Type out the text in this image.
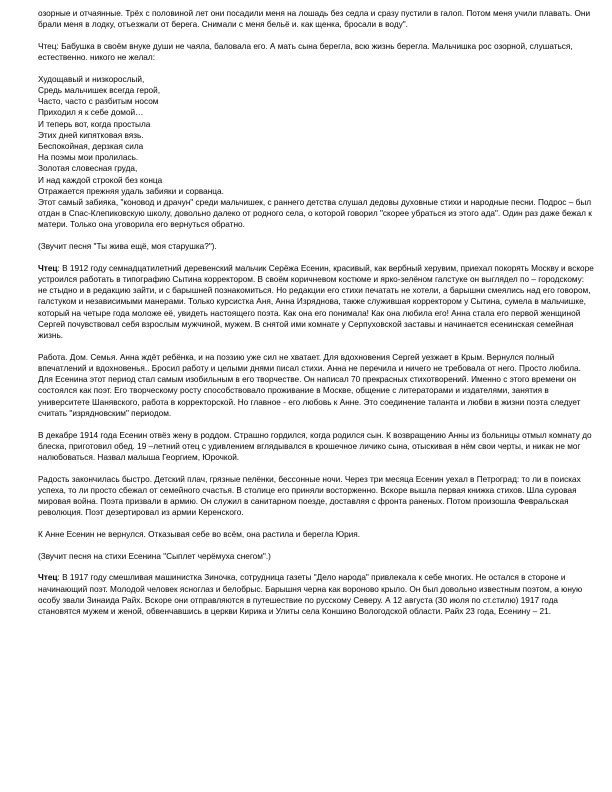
озорные и отчаянные. Трёх с половиной лет они посадили меня на лошадь без седла и сразу пустили в галоп. Потом меня учили плавать. Они брали меня в лодку, отъезжали от берега. Снимали с меня бельё и. как щенка, бросали в воду".

Чтец: Бабушка в своём внуке души не чаяла, баловала его. А мать сына берегла, всю жизнь берегла. Мальчишка рос озорной, слушаться, естественно. никого не желал:

Худощавый и низкорослый,
Средь мальчишек всегда герой,
Часто, часто с разбитым носом
Приходил я к себе домой…
И теперь вот, когда простыла
Этих дней кипятковая вязь.
Беспокойная, дерзкая сила
На поэмы мои пролилась.
Золотая словесная груда,
И над каждой строкой без конца
Отражается прежняя удаль забияки и сорванца.

Этот самый забияка, "коновод и драчун" среди мальчишек, с раннего детства слушал дедовы духовные стихи и народные песни. Подрос – был отдан в Спас-Клепиковскую школу, довольно далеко от родного села, о которой говорил "скорее убраться из этого ада". Один раз даже бежал к матери. Только она уговорила его вернуться обратно.

(Звучит песня "Ты жива ещё, моя старушка?").

Чтец: В 1912 году семнадцатилетний деревенский мальчик Серёжа Есенин, красивый, как вербный херувим, приехал покорять Москву и вскоре устроился работать в типографию Сытина корректором. В своём коричневом костюме и ярко-зелёном галстуке он выглядел по – городскому: не стыдно и в редакцию зайти, и с барышней познакомиться. Но редакции его стихи печатать не хотели, а барышни смеялись над его говором, галстуком и независимыми манерами. Только курсистка Аня, Анна Изряднова, также служившая корректором у Сытина, сумела в мальчишке, который на четыре года моложе её, увидеть настоящего поэта. Как она его понимала! Как она любила его! Анна стала его первой женщиной Сергей почувствовал себя взрослым мужчиной, мужем. В снятой ими комнате у Серпуховской заставы и начинается есенинская семейная жизнь.

Работа. Дом. Семья. Анна ждёт ребёнка, и на поэзию уже сил не хватает. Для вдохновения Сергей уезжает в Крым. Вернулся полный впечатлений и вдохновенья.. Бросил работу и целыми днями писал стихи. Анна не перечила и ничего не требовала от него. Просто любила. Для Есенина этот период стал самым изобильным в его творчестве. Он написал 70 прекрасных стихотворений. Именно с этого времени он состоялся как поэт. Его творческому росту способствовало проживание в Москве, общение с литераторами и издателями, занятия в университете Шанявского, работа в корректорской. Но главное - его любовь к Анне. Это соединение таланта и любви в жизни поэта следует считать "изрядновским" периодом.

В декабре 1914 года Есенин отвёз жену в роддом. Страшно гордился, когда родился сын. К возвращению Анны из больницы отмыл комнату до блеска, приготовил обед. 19 –летний отец с удивлением вглядывался в крошечное личико сына, отыскивая в нём свои черты, и никак не мог налюбоваться. Назвал малыша Георгием, Юрочкой.

Радость закончилась быстро. Детский плач, грязные пелёнки, бессонные ночи. Через три месяца Есенин уехал в Петроград: то ли в поисках успеха, то ли просто сбежал от семейного счастья. В столице его приняли восторженно. Вскоре вышла первая книжка стихов. Шла суровая мировая война. Поэта призвали в армию. Он служил в санитарном поезде, доставляя с фронта раненых. Потом произошла Февральская революция. Поэт дезертировал из армии Керенского.

К Анне Есенин не вернулся. Отказывая себе во всём, она растила и берегла Юрия.

(Звучит песня на стихи Есенина "Сыплет черёмуха снегом".)

Чтец: В 1917 году смешливая машинистка Зиночка, сотрудница газеты "Дело народа" привлекала к себе многих. Не остался в стороне и начинающий поэт. Молодой человек ясноглаз и белобрыс. Барышня черна как вороново крыло. Он был довольно известным поэтом, а юную особу звали Зинаида Райх. Вскоре они отправляются в путешествие по русскому Северу. А 12 августа (30 июля по ст.стилю) 1917 года становятся мужем и женой, обвенчавшись в церкви Кирика и Улиты села Коншино Вологодской области. Райх 23 года, Есенину – 21.
